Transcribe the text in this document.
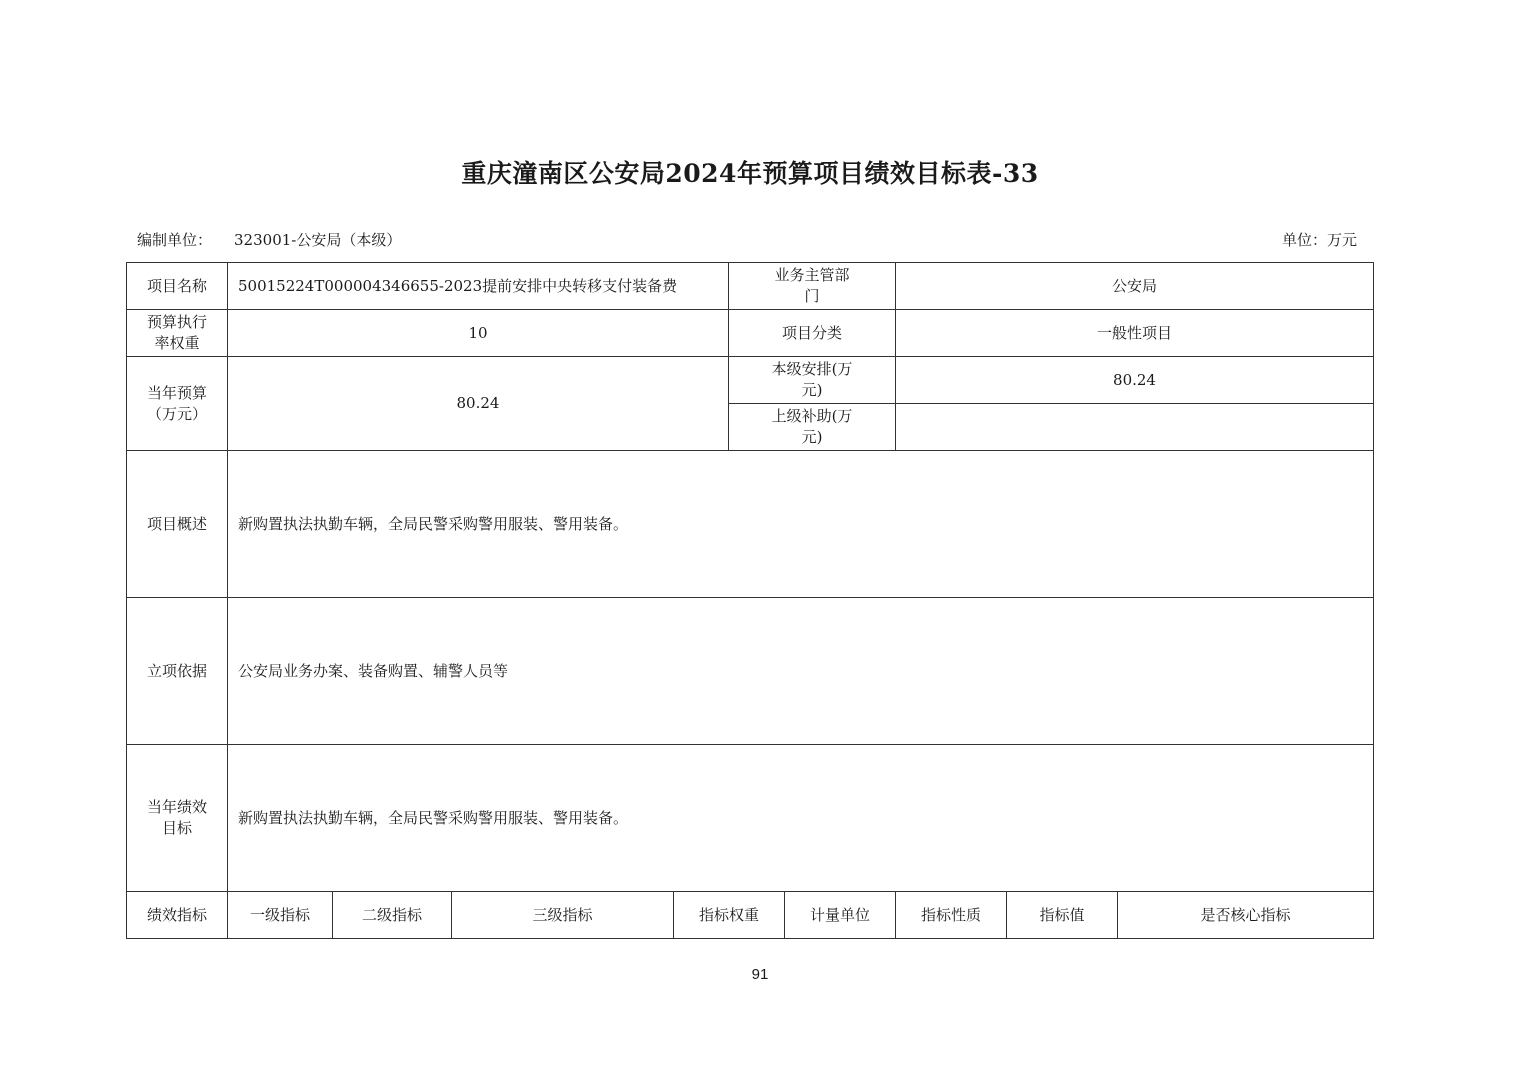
重庆潼南区公安局2024年预算项目绩效目标表-33
编制单位： 323001-公安局（本级）	单位：万元
项目名称	50015224T000004346655-2023提前安排中央转移支付装备费				业务主管部门		公安局		

预算执行率权重	10				项目分类		一般性项目		

当年预算（万元）	80.24				本级安排(万元)		80.24		

					上级补助(万元)				

项目概述	新购置执法执勤车辆，全局民警采购警用服装、警用装备。								
立项依据	公安局业务办案、装备购置、辅警人员等								

当年绩效目标	新购置执法执勤车辆，全局民警采购警用服装、警用装备。								
绩效指标	一级指标	二级指标	三级指标	指标权重		计量单位	指标性质	指标值	是否核心指标
91
